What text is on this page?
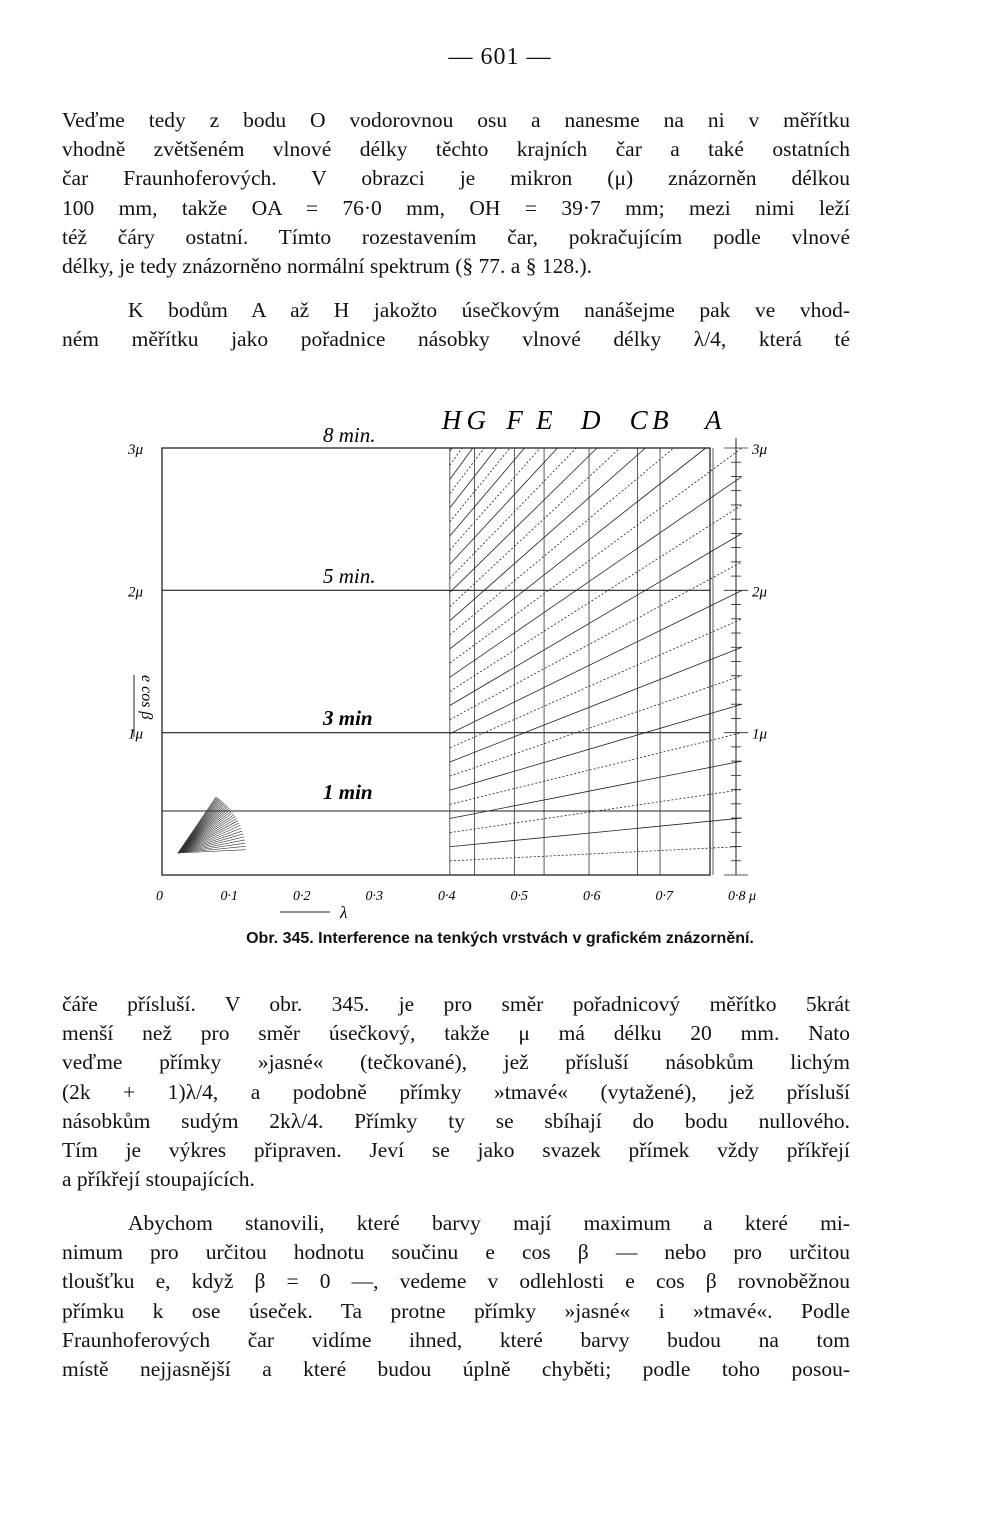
— 601 —
Veďme tedy z bodu O vodorovnou osu a nanesme na ni v měřítku
vhodně zvětšeném vlnové délky těchto krajních čar a také ostatních
čar Fraunhoferových. V obrazci je mikron (μ) znázorněn délkou
100 mm, takže OA = 76·0 mm, OH = 39·7 mm; mezi nimi leží
též čáry ostatní. Tímto rozestavením čar, pokračujícím podle vlnové
délky, je tedy znázorněno normální spektrum (§ 77. a § 128.).
K bodům A až H jakožto úsečkovým nanášejme pak ve vhod-
ném měřítku jako pořadnice násobky vlnové délky λ/4, která té
H G F E D C B A
8 min.
5 min.
3 min
1 min
3μ
2μ
1μ
3μ
2μ
1μ
e cos β
0	0·1	0·2	0·3	0·4	0·5	0·6	0·7	0·8 μ
λ
Obr. 345. Interference na tenkých vrstvách v grafickém znázornění.
čáře přísluší. V obr. 345. je pro směr pořadnicový měřítko 5krát
menší než pro směr úsečkový, takže μ má délku 20 mm. Nato
veďme přímky »jasné« (tečkované), jež přísluší násobkům lichým
(2k + 1)λ/4, a podobně přímky »tmavé« (vytažené), jež přísluší
násobkům sudým 2kλ/4. Přímky ty se sbíhají do bodu nullového.
Tím je výkres připraven. Jeví se jako svazek přímek vždy příkřejí
a příkřejí stoupajících.
Abychom stanovili, které barvy mají maximum a které mi-
nimum pro určitou hodnotu součinu e cos β — nebo pro určitou
tloušťku e, když β = 0 —, vedeme v odlehlosti e cos β rovnoběžnou
přímku k ose úseček. Ta protne přímky »jasné« i »tmavé«. Podle
Fraunhoferových čar vidíme ihned, které barvy budou na tom
místě nejjasnější a které budou úplně chyběti; podle toho posou-
